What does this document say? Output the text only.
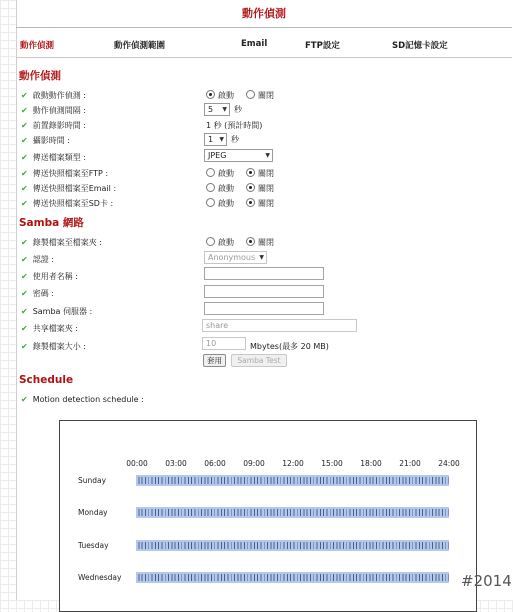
動作偵測
動作偵測	動作偵測範圍	Email	FTP設定	SD記憶卡設定
動作偵測
✔ 啟動動作偵測 :	啟動	關閉
✔ 動作偵測間隔 :	5 ▼ 秒
✔ 前置錄影時間 :	1 秒 (預計時間)
✔ 攝影時間 :	1 ▼ 秒
✔ 傳送檔案類型 :	JPEG	▼
✔ 傳送快照檔案至FTP :	啟動	關閉
✔ 傳送快照檔案至Email :	啟動	關閉
✔ 傳送快照檔案至SD卡 :	啟動	關閉
Samba 網路
✔ 錄製檔案至檔案夾 :	啟動	關閉
✔ 認證 :	Anonymous ▼
✔ 使用者名稱 :
✔ 密碼 :
✔ Samba 伺服器 :
✔ 共享檔案夾 :	share
✔ 錄製檔案大小 :	10	Mbytes(最多 20 MB)
套用	Samba Test
Schedule
✔ Motion detection schedule :
00:00 03:00 06:00 09:00 12:00 15:00 18:00 21:00 24:00
Sunday
Monday
Tuesday
Wednesday	#2014
